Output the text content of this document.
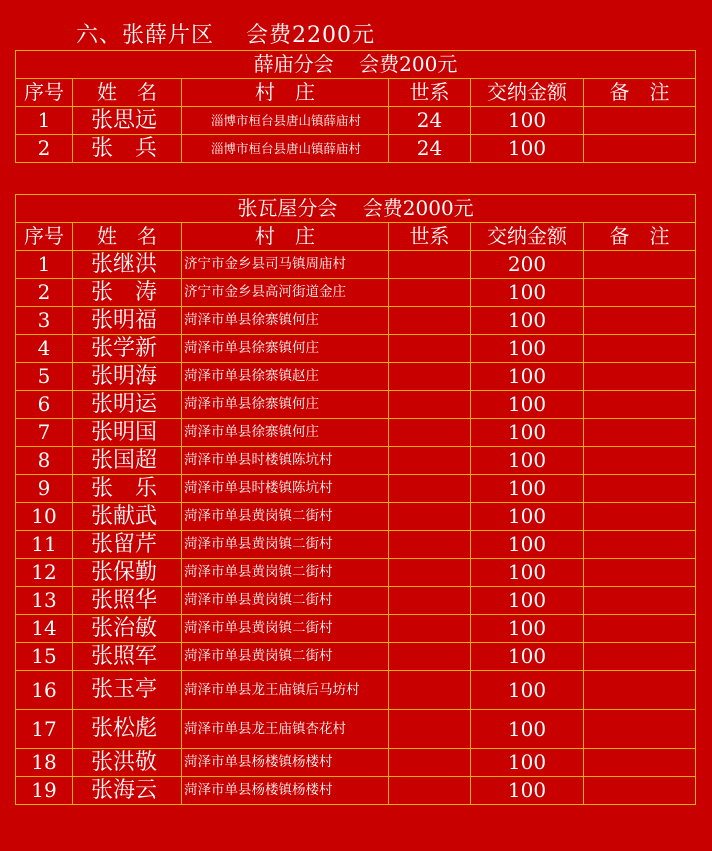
六、张薛片区    会费2200元
薛庙分会    会费200元					
序号	姓　名	村　庄	世系	交纳金额	备　注
1	张思远	淄博市桓台县唐山镇薛庙村	24	100	
2	张　兵	淄博市桓台县唐山镇薛庙村	24	100	
张瓦屋分会    会费2000元					
序号	姓　名	村　庄	世系	交纳金额	备　注
1	张继洪	济宁市金乡县司马镇周庙村		200	
2	张　涛	济宁市金乡县高河街道金庄		100	
3	张明福	菏泽市单县徐寨镇何庄		100	
4	张学新	菏泽市单县徐寨镇何庄		100	
5	张明海	菏泽市单县徐寨镇赵庄		100	
6	张明运	菏泽市单县徐寨镇何庄		100	
7	张明国	菏泽市单县徐寨镇何庄		100	
8	张国超	菏泽市单县时楼镇陈坑村		100	
9	张　乐	菏泽市单县时楼镇陈坑村		100	
10	张献武	菏泽市单县黄岗镇二街村		100	
11	张留芹	菏泽市单县黄岗镇二街村		100	
12	张保勤	菏泽市单县黄岗镇二街村		100	
13	张照华	菏泽市单县黄岗镇二街村		100	
14	张治敏	菏泽市单县黄岗镇二街村		100	
15	张照军	菏泽市单县黄岗镇二街村		100	
16	张玉亭	菏泽市单县龙王庙镇后马坊村		100	
17	张松彪	菏泽市单县龙王庙镇杏花村		100	
18	张洪敬	菏泽市单县杨楼镇杨楼村		100	
19	张海云	菏泽市单县杨楼镇杨楼村		100	
